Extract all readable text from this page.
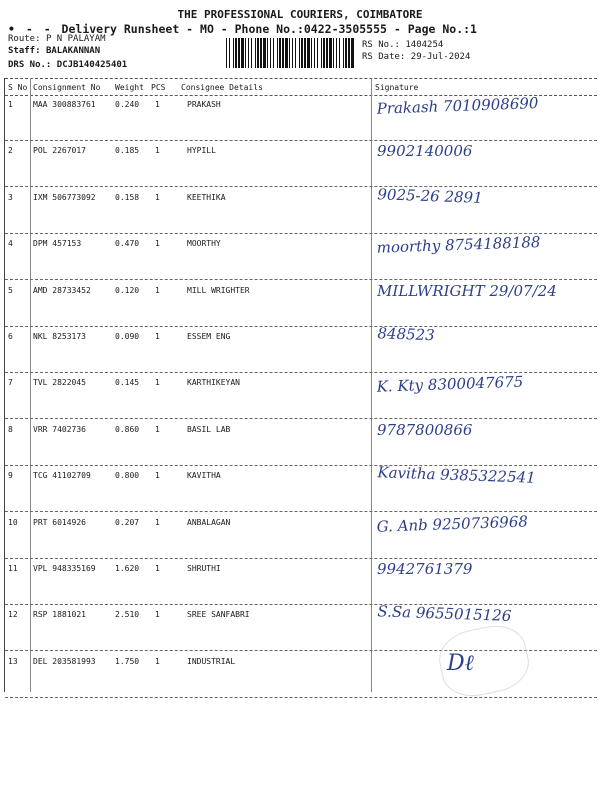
THE PROFESSIONAL COURIERS, COIMBATORE
• ‐ ‐ Delivery Runsheet - MO - Phone No.:0422-3505555 - Page No.:1
Route: P N PALAYAM
Staff: BALAKANNAN
DRS No.: DCJB140425401
RS No.: 1404254
RS Date: 29-Jul-2024
S No Consignment No Weight PCS Consignee Details	Signature
1	MAA 300883761 0.240 1	PRAKASH	Prakash 7010908690
2	POL 2267017	0.185 1	HYPILL	9902140006
3	IXM 506773092 0.158 1	KEETHIKA	9025-26 2891
4	DPM 457153	0.470 1	MOORTHY	moorthy 8754188188
5	AMD 28733452	0.120 1	MILL WRIGHTER	MILLWRIGHT 29/07/24
6	NKL 8253173	0.090 1	ESSEM ENG	848523
7	TVL 2822045	0.145 1	KARTHIKEYAN	K. Kty 8300047675
8	VRR 7402736	0.860 1	BASIL LAB	9787800866
9	TCG 41102709	0.800 1	KAVITHA	Kavitha 9385322541
10 PRT 6014926	0.207 1	ANBALAGAN	G. Anb 9250736968
11 VPL 948335169 1.620 1	SHRUTHI	9942761379
12 RSP 1881021	2.510 1	SREE SANFABRI	S.Sa 9655015126
13 DEL 203581993 1.750 1	INDUSTRIAL	Dℓ
